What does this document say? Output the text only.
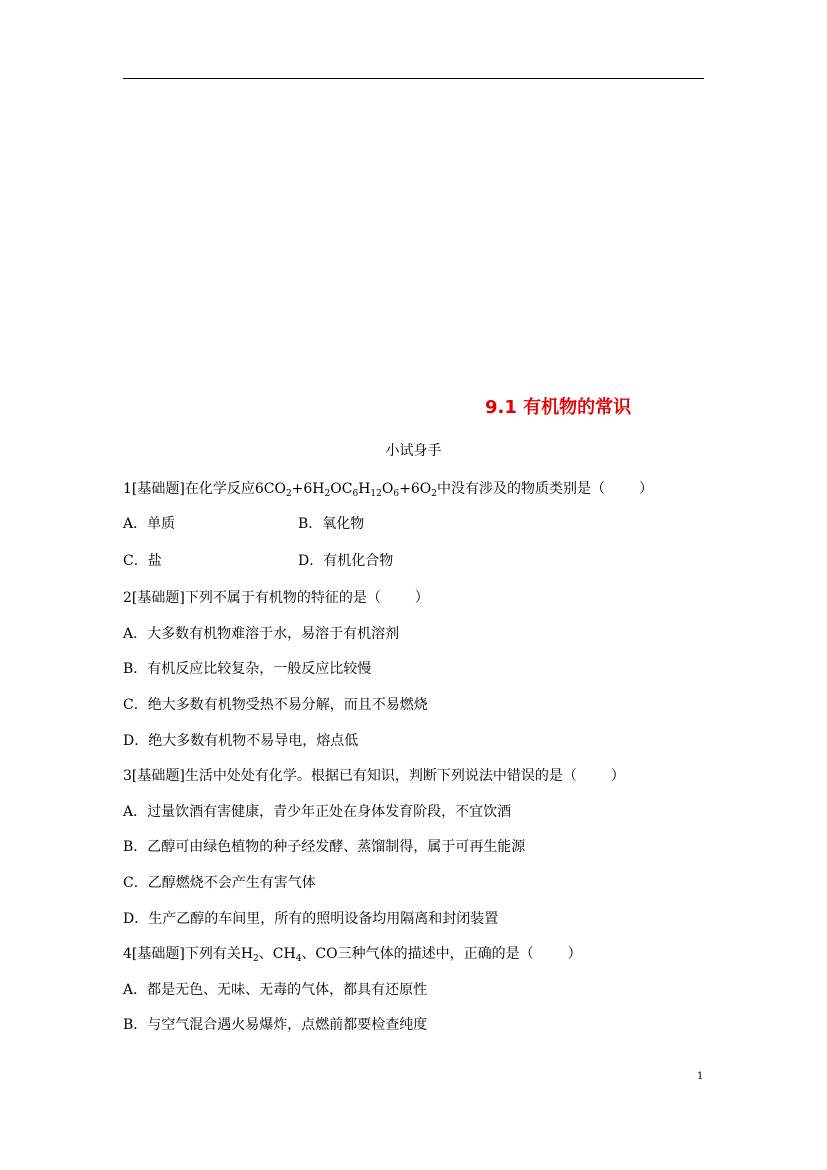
9.1 有机物的常识
小试身手
1[基础题]在化学反应$6CO_2+6H_2OC_6H_{12}O_6+6O_2$中没有涉及的物质类别是（ ）
A．单质	B．氧化物
C．盐	D．有机化合物
2[基础题]下列不属于有机物的特征的是（ ）
A．大多数有机物难溶于水，易溶于有机溶剂
B．有机反应比较复杂，一般反应比较慢
C．绝大多数有机物受热不易分解，而且不易燃烧
D．绝大多数有机物不易导电，熔点低
3[基础题]生活中处处有化学。根据已有知识，判断下列说法中错误的是（ ）
A．过量饮酒有害健康，青少年正处在身体发育阶段，不宜饮酒
B．乙醇可由绿色植物的种子经发酵、蒸馏制得，属于可再生能源
C．乙醇燃烧不会产生有害气体
D．生产乙醇的车间里，所有的照明设备均用隔离和封闭装置
4[基础题]下列有关$H_2$、$CH_4$、CO三种气体的描述中，正确的是（ ）
A．都是无色、无味、无毒的气体，都具有还原性
B．与空气混合遇火易爆炸，点燃前都要检查纯度
1
